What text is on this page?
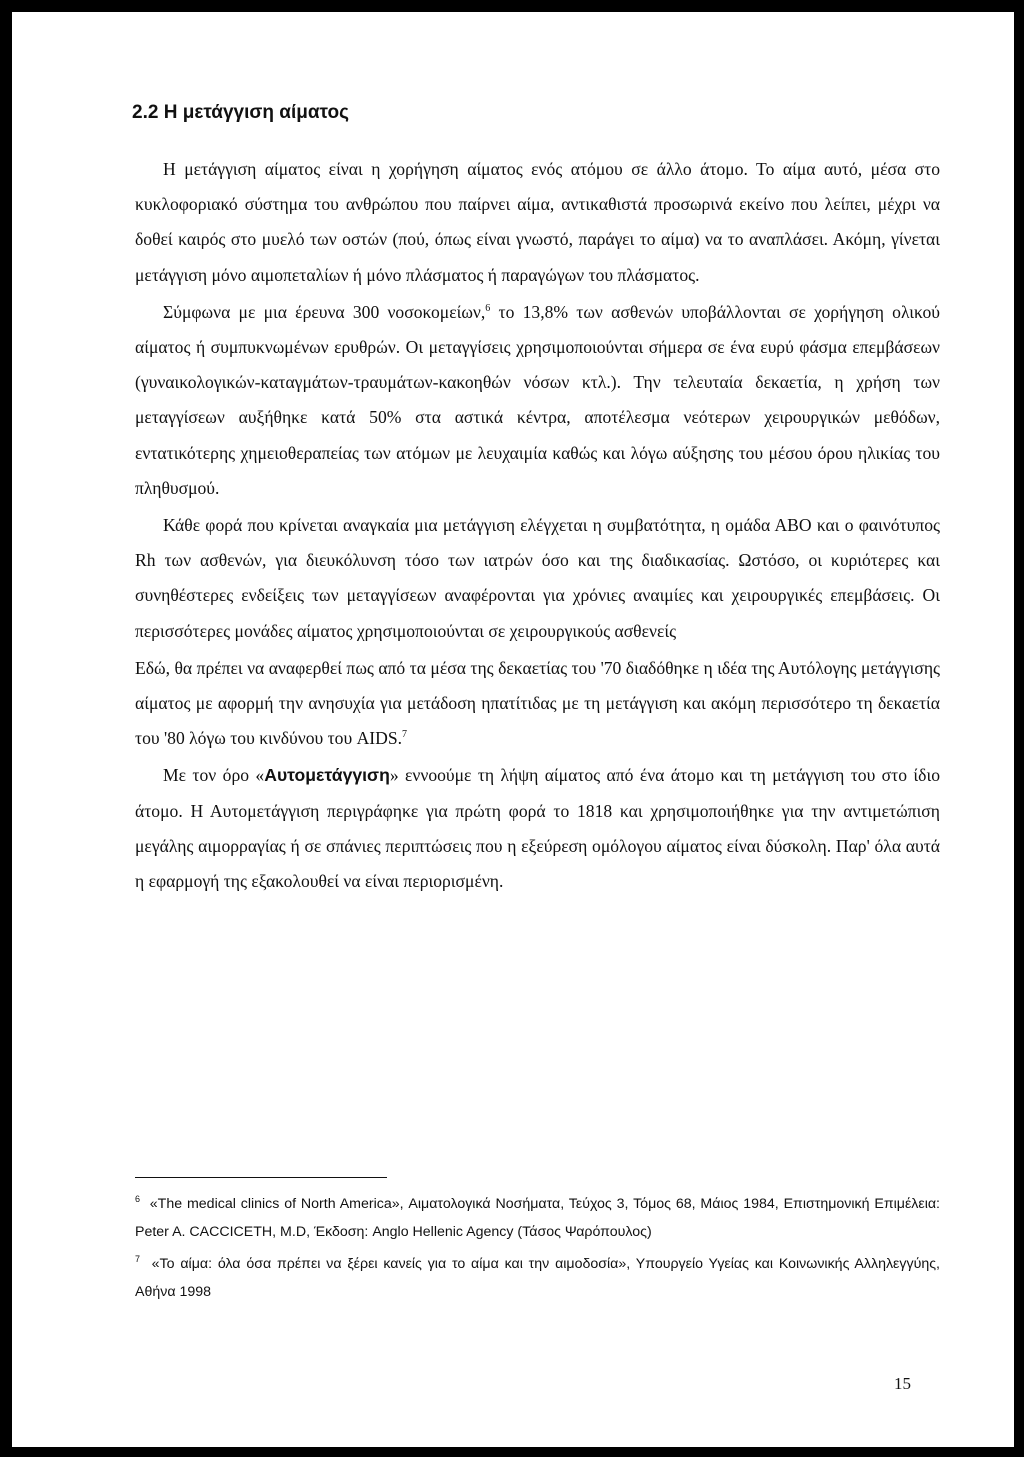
2.2 Η μετάγγιση αίματος

Η μετάγγιση αίματος είναι η χορήγηση αίματος ενός ατόμου σε άλλο άτομο. Το αίμα αυτό, μέσα στο κυκλοφοριακό σύστημα του ανθρώπου που παίρνει αίμα, αντικαθιστά προσωρινά εκείνο που λείπει, μέχρι να δοθεί καιρός στο μυελό των οστών (πού, όπως είναι γνωστό, παράγει το αίμα) να το αναπλάσει. Ακόμη, γίνεται μετάγγιση μόνο αιμοπεταλίων ή μόνο πλάσματος ή παραγώγων του πλάσματος.

Σύμφωνα με μια έρευνα 300 νοσοκομείων,$^6$ το 13,8% των ασθενών υποβάλλονται σε χορήγηση ολικού αίματος ή συμπυκνωμένων ερυθρών. Οι μεταγγίσεις χρησιμοποιούνται σήμερα σε ένα ευρύ φάσμα επεμβάσεων (γυναικολογικών-καταγμάτων-τραυμάτων-κακοηθών νόσων κτλ.). Την τελευταία δεκαετία, η χρήση των μεταγγίσεων αυξήθηκε κατά 50% στα αστικά κέντρα, αποτέλεσμα νεότερων χειρουργικών μεθόδων, εντατικότερης χημειοθεραπείας των ατόμων με λευχαιμία καθώς και λόγω αύξησης του μέσου όρου ηλικίας του πληθυσμού.

Κάθε φορά που κρίνεται αναγκαία μια μετάγγιση ελέγχεται η συμβατότητα, η ομάδα ΑΒΟ και ο φαινότυπος Rh των ασθενών, για διευκόλυνση τόσο των ιατρών όσο και της διαδικασίας. Ωστόσο, οι κυριότερες και συνηθέστερες ενδείξεις των μεταγγίσεων αναφέρονται για χρόνιες αναιμίες και χειρουργικές επεμβάσεις. Οι περισσότερες μονάδες αίματος χρησιμοποιούνται σε χειρουργικούς ασθενείς

Εδώ, θα πρέπει να αναφερθεί πως από τα μέσα της δεκαετίας του '70 διαδόθηκε η ιδέα της Αυτόλογης μετάγγισης αίματος με αφορμή την ανησυχία για μετάδοση ηπατίτιδας με τη μετάγγιση και ακόμη περισσότερο τη δεκαετία του '80 λόγω του κινδύνου του AIDS.$^7$

Με τον όρο «Αυτομετάγγιση» εννοούμε τη λήψη αίματος από ένα άτομο και τη μετάγγιση του στο ίδιο άτομο. Η Αυτομετάγγιση περιγράφηκε για πρώτη φορά το 1818 και χρησιμοποιήθηκε για την αντιμετώπιση μεγάλης αιμορραγίας ή σε σπάνιες περιπτώσεις που η εξεύρεση ομόλογου αίματος είναι δύσκολη. Παρ' όλα αυτά η εφαρμογή της εξακολουθεί να είναι περιορισμένη.

$^6$ «The medical clinics of North America», Αιματολογικά Νοσήματα, Τεύχος 3, Τόμος 68, Μάιος 1984, Επιστημονική Επιμέλεια: Peter A. CACCICETH, M.D, Έκδοση: Anglo Hellenic Agency (Τάσος Ψαρόπουλος)

$^7$ «Το αίμα: όλα όσα πρέπει να ξέρει κανείς για το αίμα και την αιμοδοσία», Υπουργείο Υγείας και Κοινωνικής Αλληλεγγύης, Αθήνα 1998

15
